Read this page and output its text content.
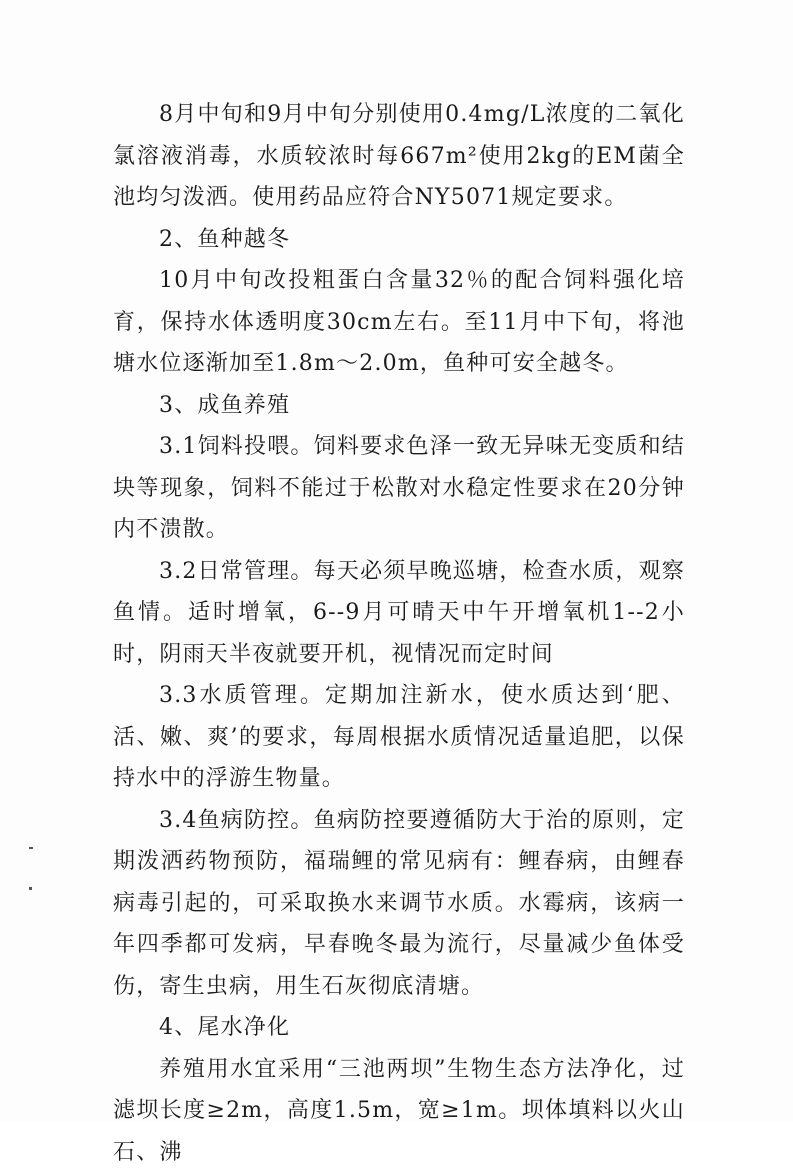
8月中旬和9月中旬分别使用0.4mg/L浓度的二氧化氯溶液消毒，水质较浓时每667m²使用2kg的EM菌全池均匀泼洒。使用药品应符合NY5071规定要求。

2、鱼种越冬

10月中旬改投粗蛋白含量32％的配合饲料强化培育，保持水体透明度30cm左右。至11月中下旬，将池塘水位逐渐加至1.8m～2.0m，鱼种可安全越冬。

3、成鱼养殖

3.1饲料投喂。饲料要求色泽一致无异味无变质和结块等现象，饲料不能过于松散对水稳定性要求在20分钟内不溃散。

3.2日常管理。每天必须早晚巡塘，检查水质，观察鱼情。适时增氧，6--9月可晴天中午开增氧机1--2小时，阴雨天半夜就要开机，视情况而定时间

3.3水质管理。定期加注新水，使水质达到‘肥、活、嫩、爽’的要求，每周根据水质情况适量追肥，以保持水中的浮游生物量。

3.4鱼病防控。鱼病防控要遵循防大于治的原则，定期泼洒药物预防，福瑞鲤的常见病有：鲤春病，由鲤春病毒引起的，可采取换水来调节水质。水霉病，该病一年四季都可发病，早春晚冬最为流行，尽量减少鱼体受伤，寄生虫病，用生石灰彻底清塘。

4、尾水净化

养殖用水宜采用“三池两坝”生物生态方法净化，过滤坝长度≥2m，高度1.5m，宽≥1m。坝体填料以火山石、沸
